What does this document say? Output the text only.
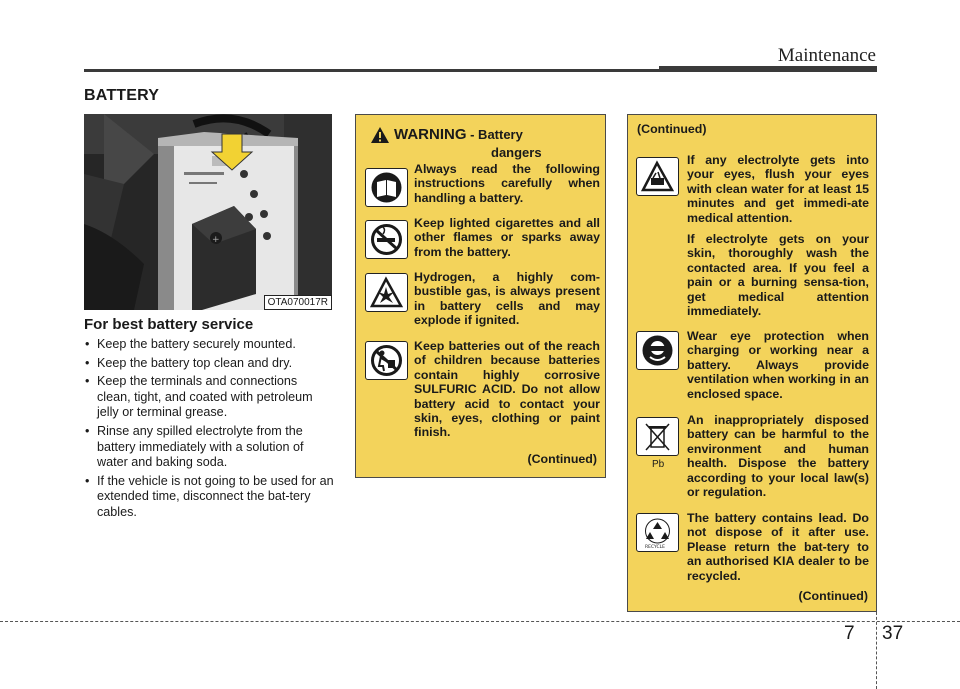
Maintenance
BATTERY
+
OTA070017R
For best battery service
• Keep the battery securely mounted.
• Keep the battery top clean and dry.
• Keep the terminals and connections clean, tight, and coated with petroleum jelly or terminal grease.
• Rinse any spilled electrolyte from the battery immediately with a solution of water and baking soda.
• If the vehicle is not going to be used for an extended time, disconnect the bat-tery cables.
WARNING - Battery
dangers
Always read the following instructions carefully when handling a battery.
Keep lighted cigarettes and all other flames or sparks away from the battery.
Hydrogen, a highly com-bustible gas, is always present in battery cells and may explode if ignited.
Keep batteries out of the reach of children because batteries contain highly corrosive SULFURIC ACID. Do not allow battery acid to contact your skin, eyes, clothing or paint finish.
(Continued)
(Continued)
If any electrolyte gets into your eyes, flush your eyes with clean water for at least 15 minutes and get immedi-ate medical attention.
If electrolyte gets on your skin, thoroughly wash the contacted area. If you feel a pain or a burning sensa-tion, get medical attention immediately.
Wear eye protection when charging or working near a battery. Always provide ventilation when working in an enclosed space.
Pb
An inappropriately disposed battery can be harmful to the environment and human health. Dispose the battery according to your local law(s) or regulation.
RECYCLE
The battery contains lead. Do not dispose of it after use. Please return the bat-tery to an authorised KIA dealer to be recycled.
(Continued)
7 37
